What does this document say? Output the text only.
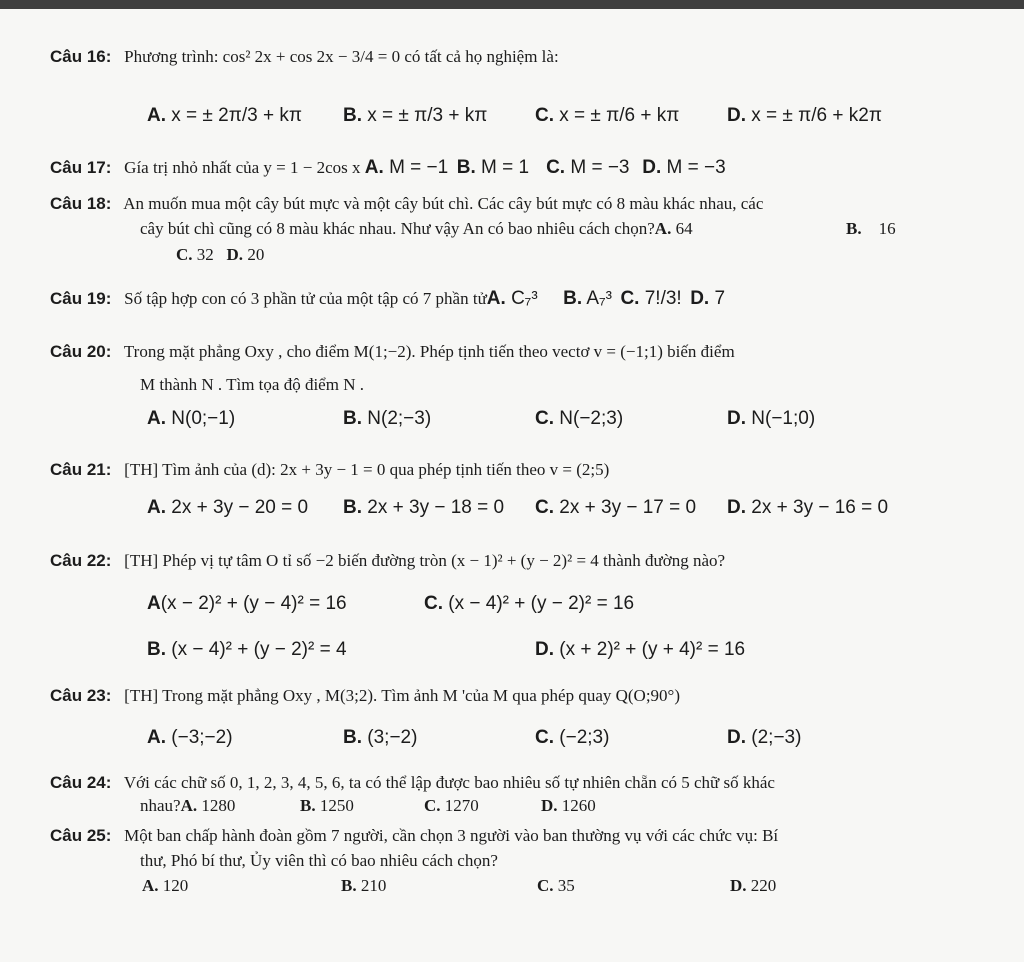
Câu 16: Phương trình: cos² 2x + cos 2x − 3/4 = 0 có tất cả họ nghiệm là:
A. x = ± 2π/3 + kπ B. x = ± π/3 + kπ	C. x = ± π/6 + kπ	D. x = ± π/6 + k2π
Câu 17: Gía trị nhỏ nhất của y = 1 − 2cos x A. M = −1 B. M = 1 C. M = −3 D. M = −3
Câu 18: An muốn mua một cây bút mực và một cây bút chì. Các cây bút mực có 8 màu khác nhau, các
cây bút chì cũng có 8 màu khác nhau. Như vậy An có bao nhiêu cách chọn?A. 64	B. 16
C. 32 D. 20
Câu 19: Số tập hợp con có 3 phần tử của một tập có 7 phần tửA. C₇³ B. A₇³ C. 7!/3! D. 7
Câu 20: Trong mặt phẳng Oxy , cho điểm M(1;−2). Phép tịnh tiến theo vectơ v = (−1;1) biến điểm
M thành N . Tìm tọa độ điểm N .
A. N(0;−1)	B. N(2;−3)	C. N(−2;3)	D. N(−1;0)
Câu 21: [TH] Tìm ảnh của (d): 2x + 3y − 1 = 0 qua phép tịnh tiến theo v = (2;5)
A. 2x + 3y − 20 = 0 B. 2x + 3y − 18 = 0 C. 2x + 3y − 17 = 0 D. 2x + 3y − 16 = 0
Câu 22: [TH] Phép vị tự tâm O tỉ số −2 biến đường tròn (x − 1)² + (y − 2)² = 4 thành đường nào?
A(x − 2)² + (y − 4)² = 16	C. (x − 4)² + (y − 2)² = 16
B. (x − 4)² + (y − 2)² = 4	D. (x + 2)² + (y + 4)² = 16
Câu 23: [TH] Trong mặt phẳng Oxy , M(3;2). Tìm ảnh M 'của M qua phép quay Q(O;90°)
A. (−3;−2)	B. (3;−2)	C. (−2;3)	D. (2;−3)
Câu 24: Với các chữ số 0, 1, 2, 3, 4, 5, 6, ta có thể lập được bao nhiêu số tự nhiên chẵn có 5 chữ số khác
nhau?A. 1280	B. 1250	C. 1270	D. 1260
Câu 25: Một ban chấp hành đoàn gồm 7 người, cần chọn 3 người vào ban thường vụ với các chức vụ: Bí
thư, Phó bí thư, Ủy viên thì có bao nhiêu cách chọn?
A. 120	B. 210	C. 35	D. 220
